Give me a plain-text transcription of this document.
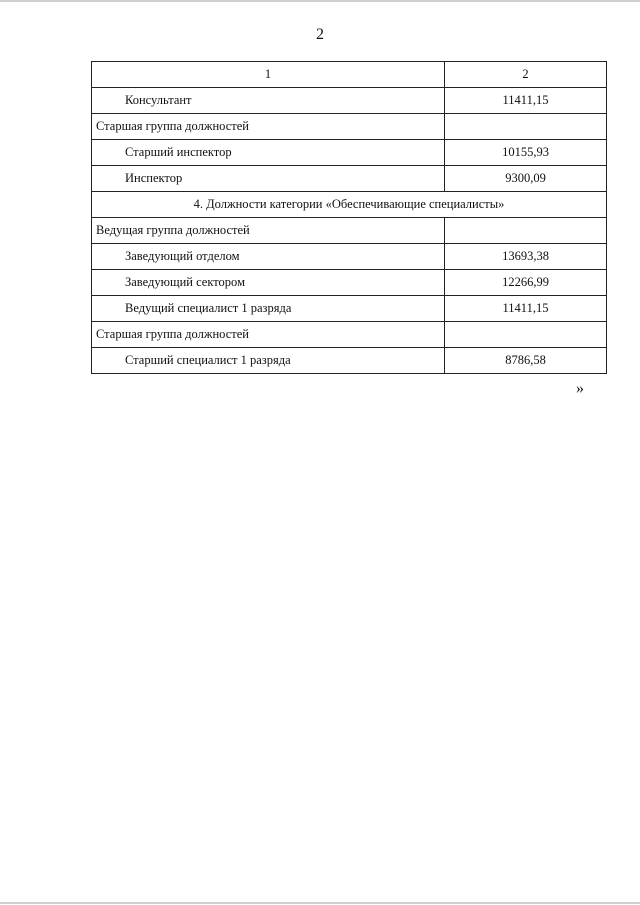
2
1	2
Консультант	11411,15
Старшая группа должностей	
Старший инспектор	10155,93
Инспектор	9300,09
4. Должности категории «Обеспечивающие специалисты»	
Ведущая группа должностей	
Заведующий отделом	13693,38
Заведующий сектором	12266,99
Ведущий специалист 1 разряда	11411,15
Старшая группа должностей	
Старший специалист 1 разряда	8786,58
»
